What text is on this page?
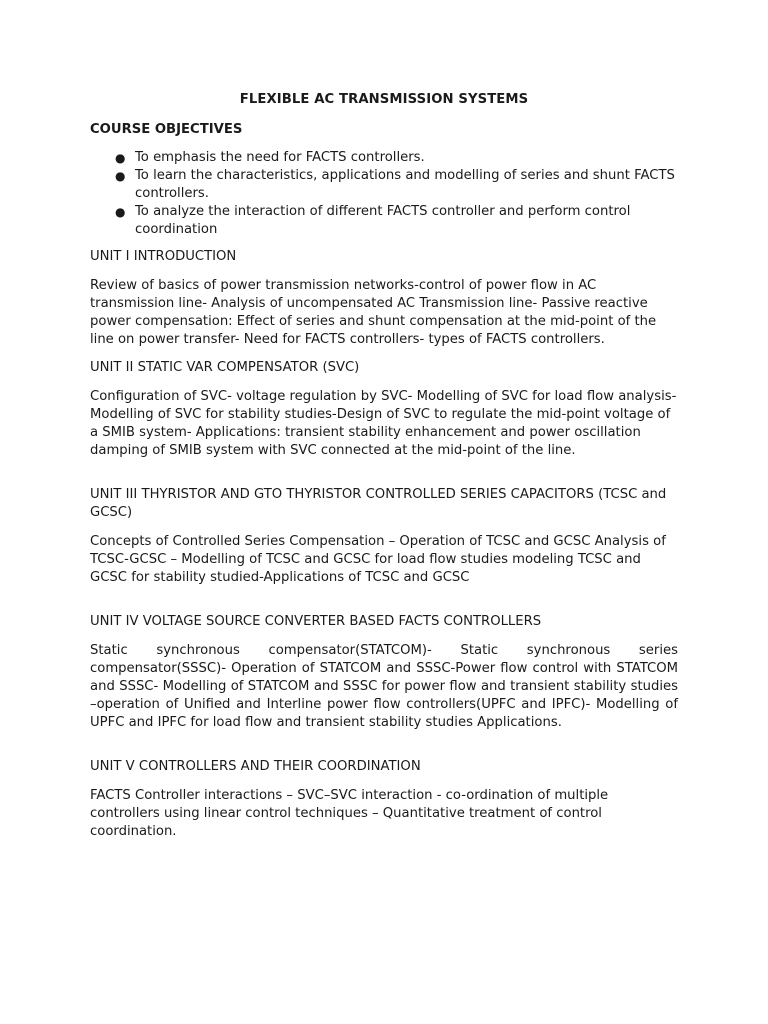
FLEXIBLE AC TRANSMISSION SYSTEMS
COURSE OBJECTIVES
● To emphasis the need for FACTS controllers.
● To learn the characteristics, applications and modelling of series and shunt FACTS controllers.
● To analyze the interaction of different FACTS controller and perform control coordination
UNIT I INTRODUCTION
Review of basics of power transmission networks-control of power flow in AC transmission line- Analysis of uncompensated AC Transmission line- Passive reactive power compensation: Effect of series and shunt compensation at the mid-point of the line on power transfer- Need for FACTS controllers- types of FACTS controllers.
UNIT II STATIC VAR COMPENSATOR (SVC)
Configuration of SVC- voltage regulation by SVC- Modelling of SVC for load flow analysis- Modelling of SVC for stability studies-Design of SVC to regulate the mid-point voltage of a SMIB system- Applications: transient stability enhancement and power oscillation damping of SMIB system with SVC connected at the mid-point of the line.
UNIT III THYRISTOR AND GTO THYRISTOR CONTROLLED SERIES CAPACITORS (TCSC and GCSC)
Concepts of Controlled Series Compensation – Operation of TCSC and GCSC Analysis of TCSC-GCSC – Modelling of TCSC and GCSC for load flow studies modeling TCSC and GCSC for stability studied-Applications of TCSC and GCSC
UNIT IV VOLTAGE SOURCE CONVERTER BASED FACTS CONTROLLERS
Static synchronous compensator(STATCOM)- Static synchronous series compensator(SSSC)- Operation of STATCOM and SSSC-Power flow control with STATCOM and SSSC- Modelling of STATCOM and SSSC for power flow and transient stability studies –operation of Unified and Interline power flow controllers(UPFC and IPFC)- Modelling of UPFC and IPFC for load flow and transient stability studies Applications.
UNIT V CONTROLLERS AND THEIR COORDINATION
FACTS Controller interactions – SVC–SVC interaction - co-ordination of multiple controllers using linear control techniques – Quantitative treatment of control coordination.
